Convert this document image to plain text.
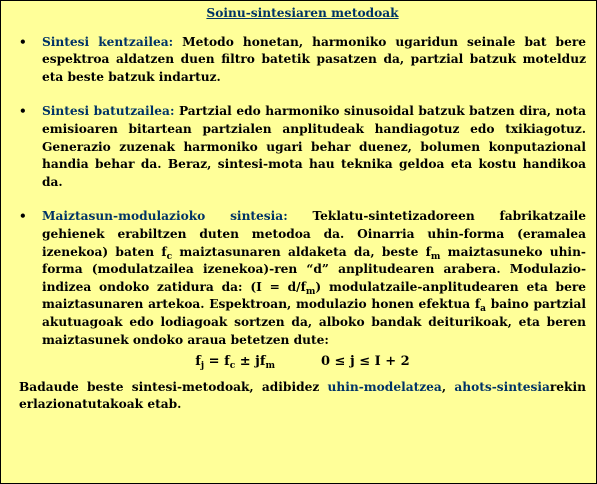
Soinu-sintesiaren metodoak
• Sintesi kentzailea: Metodo honetan, harmoniko ugaridun seinale bat bere espektroa aldatzen duen filtro batetik pasatzen da, partzial batzuk motelduz eta beste batzuk indartuz.
• Sintesi batutzailea: Partzial edo harmoniko sinusoidal batzuk batzen dira, nota emisioaren bitartean partzialen anplitudeak handiagotuz edo txikiagotuz. Generazio zuzenak harmoniko ugari behar duenez, bolumen konputazional handia behar da. Beraz, sintesi-mota hau teknika geldoa eta kostu handikoa da.
• Maiztasun-modulazioko sintesia: Teklatu-sintetizadoreen fabrikatzaile gehienek erabiltzen duten metodoa da. Oinarria uhin-forma (eramalea izenekoa) baten $f_c$ maiztasunaren aldaketa da, beste $f_m$ maiztasuneko uhin-forma (modulatzailea izenekoa)-ren “d” anplitudearen arabera. Modulazio-indizea ondoko zatidura da: $(I = d/f_m)$ modulatzaile-anplitudearen eta bere maiztasunaren artekoa. Espektroan, modulazio honen efektua $f_a$ baino partzial akutuagoak edo lodiagoak sortzen da, alboko bandak deiturikoak, eta beren maiztasunek ondoko araua betetzen dute:
$f_j = f_c \pm jf_m$	0 ≤ j ≤ I + 2

Badaude beste sintesi-metodoak, adibidez uhin-modelatzea, ahots-sintesiarekin erlazionatutakoak etab.
